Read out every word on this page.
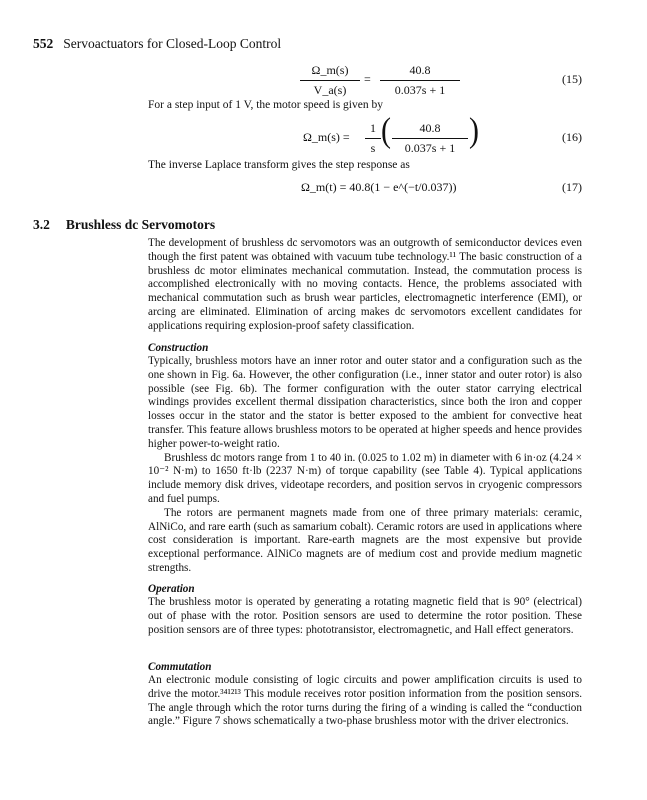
552 Servoactuators for Closed-Loop Control
$\frac{\Omega\_m(s)}{V\_a(s)} = \frac{40.8}{0.037s + 1}$	(15)
For a step input of 1 V, the motor speed is given by
Ω_m(s) = $\frac{1}{s}$ ( $\frac{40.8}{0.037s + 1}$ )	(16)
The inverse Laplace transform gives the step response as
Ω_m(t) = 40.8(1 − e^(−t/0.037))	(17)
3.2 Brushless dc Servomotors

The development of brushless dc servomotors was an outgrowth of semiconductor devices even though the first patent was obtained with vacuum tube technology.¹¹ The basic construction of a brushless dc motor eliminates mechanical commutation. Instead, the commutation process is accomplished electronically with no moving contacts. Hence, the problems associated with mechanical commutation such as brush wear particles, electromagnetic interference (EMI), or arcing are eliminated. Elimination of arcing makes dc servomotors excellent candidates for applications requiring explosion-proof safety classification.

Construction

Typically, brushless motors have an inner rotor and outer stator and a configuration such as the one shown in Fig. 6a. However, the other configuration (i.e., inner stator and outer rotor) is also possible (see Fig. 6b). The former configuration with the outer stator carrying electrical windings provides excellent thermal dissipation characteristics, since both the iron and copper losses occur in the stator and the stator is better exposed to the ambient for convective heat transfer. This feature allows brushless motors to be operated at higher speeds and hence provides higher power-to-weight ratio.

Brushless dc motors range from 1 to 40 in. (0.025 to 1.02 m) in diameter with 6 in·oz (4.24 × 10⁻² N·m) to 1650 ft·lb (2237 N·m) of torque capability (see Table 4). Typical applications include memory disk drives, videotape recorders, and position servos in cryogenic compressors and fuel pumps.

The rotors are permanent magnets made from one of three primary materials: ceramic, AlNiCo, and rare earth (such as samarium cobalt). Ceramic rotors are used in applications where cost consideration is important. Rare-earth magnets are the most expensive but provide exceptional performance. AlNiCo magnets are of medium cost and provide medium magnetic strengths.

Operation

The brushless motor is operated by generating a rotating magnetic field that is 90° (electrical) out of phase with the rotor. Position sensors are used to determine the rotor position. These position sensors are of three types: phototransistor, electromagnetic, and Hall effect generators.

Commutation

An electronic module consisting of logic circuits and power amplification circuits is used to drive the motor.³⁴¹²¹³ This module receives rotor position information from the position sensors. The angle through which the rotor turns during the firing of a winding is called the “conduction angle.” Figure 7 shows schematically a two-phase brushless motor with the driver electronics.
